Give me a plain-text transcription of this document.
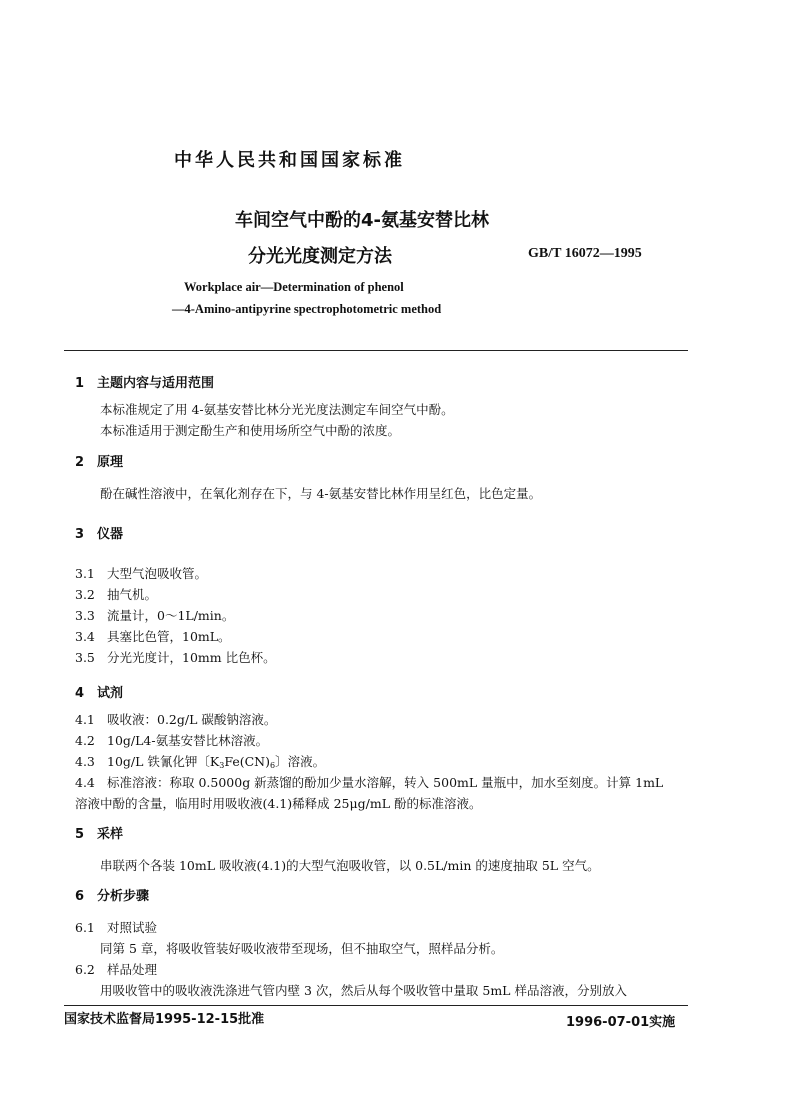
中华人民共和国国家标准
车间空气中酚的4-氨基安替比林
分光光度测定方法	GB/T 16072—1995
Workplace air—Determination of phenol
—4-Amino-antipyrine spectrophotometric method
1　主题内容与适用范围
本标准规定了用 4-氨基安替比林分光光度法测定车间空气中酚。
本标准适用于测定酚生产和使用场所空气中酚的浓度。
2　原理
酚在碱性溶液中，在氧化剂存在下，与 4-氨基安替比林作用呈红色，比色定量。
3　仪器
3.1 大型气泡吸收管。
3.2 抽气机。
3.3 流量计，0～1L/min。
3.4 具塞比色管，10mL。
3.5 分光光度计，10mm 比色杯。
4　试剂
4.1 吸收液：0.2g/L 碳酸钠溶液。
4.2 10g/L4-氨基安替比林溶液。
4.3 10g/L 铁氰化钾〔$K_3Fe(CN)_6$〕溶液。
4.4 标准溶液：称取 0.5000g 新蒸馏的酚加少量水溶解，转入 500mL 量瓶中，加水至刻度。计算 1mL
溶液中酚的含量，临用时用吸收液(4.1)稀释成 25μg/mL 酚的标准溶液。
5　采样
串联两个各装 10mL 吸收液(4.1)的大型气泡吸收管，以 0.5L/min 的速度抽取 5L 空气。
6　分析步骤
6.1 对照试验
同第 5 章，将吸收管装好吸收液带至现场，但不抽取空气，照样品分析。
6.2 样品处理
用吸收管中的吸收液洗涤进气管内壁 3 次，然后从每个吸收管中量取 5mL 样品溶液，分别放入
国家技术监督局1995-12-15批准	1996-07-01实施
